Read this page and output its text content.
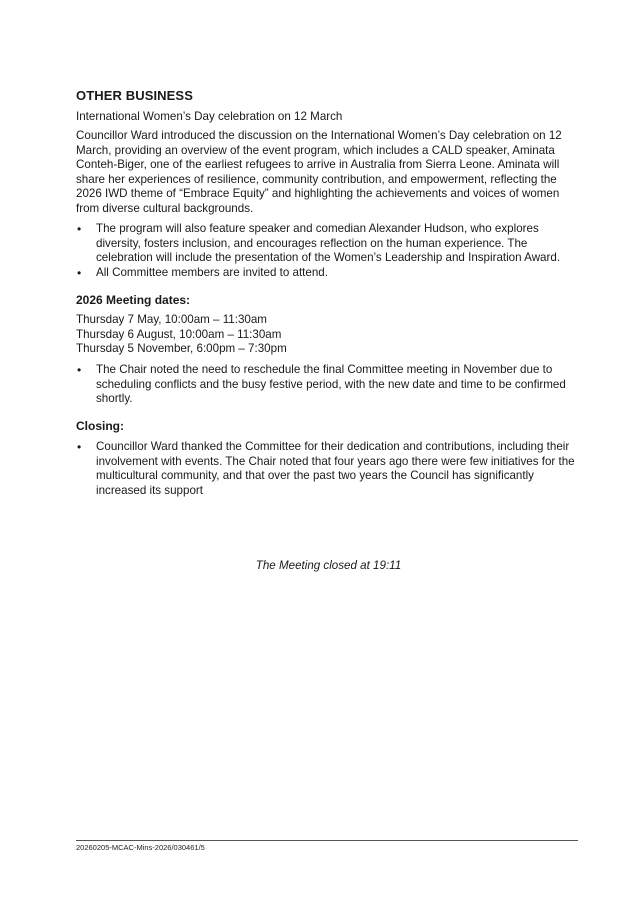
OTHER BUSINESS

International Women’s Day celebration on 12 March

Councillor Ward introduced the discussion on the International Women’s Day celebration on 12 March, providing an overview of the event program, which includes a CALD speaker, Aminata Conteh-Biger, one of the earliest refugees to arrive in Australia from Sierra Leone. Aminata will share her experiences of resilience, community contribution, and empowerment, reflecting the 2026 IWD theme of “Embrace Equity” and highlighting the achievements and voices of women from diverse cultural backgrounds.

• The program will also feature speaker and comedian Alexander Hudson, who explores diversity, fosters inclusion, and encourages reflection on the human experience. The celebration will include the presentation of the Women’s Leadership and Inspiration Award.
• All Committee members are invited to attend.
2026 Meeting dates:
Thursday 7 May, 10:00am – 11:30am
Thursday 6 August, 10:00am – 11:30am
Thursday 5 November, 6:00pm – 7:30pm
• The Chair noted the need to reschedule the final Committee meeting in November due to scheduling conflicts and the busy festive period, with the new date and time to be confirmed shortly.
Closing:
• Councillor Ward thanked the Committee for their dedication and contributions, including their involvement with events. The Chair noted that four years ago there were few initiatives for the multicultural community, and that over the past two years the Council has significantly increased its support

The Meeting closed at 19:11

20260205-MCAC-Mins-2026/030461/5
